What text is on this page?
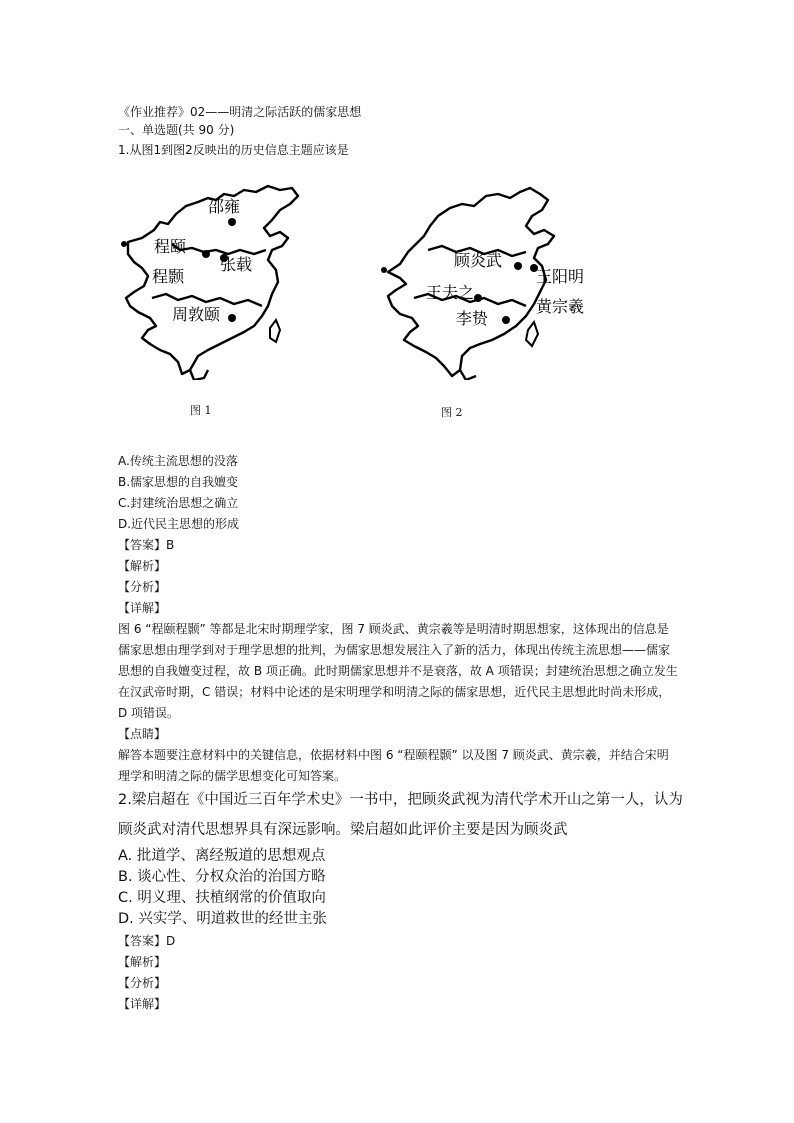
《作业推荐》02——明清之际活跃的儒家思想
一、单选题(共 90 分)
1.从图1到图2反映出的历史信息主题应该是
邵雍
程颐
张载
程颢
周敦颐
图 1
顾炎武
王阳明
王夫之
黄宗羲
李贽
图 2
A.传统主流思想的没落
B.儒家思想的自我嬗变
C.封建统治思想之确立
D.近代民主思想的形成
【答案】B
【解析】
【分析】
【详解】
图 6 “程颐程颢” 等都是北宋时期理学家，图 7 顾炎武、黄宗羲等是明清时期思想家，这体现出的信息是
儒家思想由理学到对于理学思想的批判，为儒家思想发展注入了新的活力，体现出传统主流思想——儒家
思想的自我嬗变过程，故 B 项正确。此时期儒家思想并不是衰落，故 A 项错误；封建统治思想之确立发生
在汉武帝时期，C 错误；材料中论述的是宋明理学和明清之际的儒家思想，近代民主思想此时尚未形成，
D 项错误。
【点睛】
解答本题要注意材料中的关键信息，依据材料中图 6 “程颐程颢” 以及图 7 顾炎武、黄宗羲，并结合宋明
理学和明清之际的儒学思想变化可知答案。
2.梁启超在《中国近三百年学术史》一书中，把顾炎武视为清代学术开山之第一人，认为
顾炎武对清代思想界具有深远影响。梁启超如此评价主要是因为顾炎武
A. 批道学、离经叛道的思想观点
B. 谈心性、分权众治的治国方略
C. 明义理、扶植纲常的价值取向
D. 兴实学、明道救世的经世主张
【答案】D
【解析】
【分析】
【详解】
